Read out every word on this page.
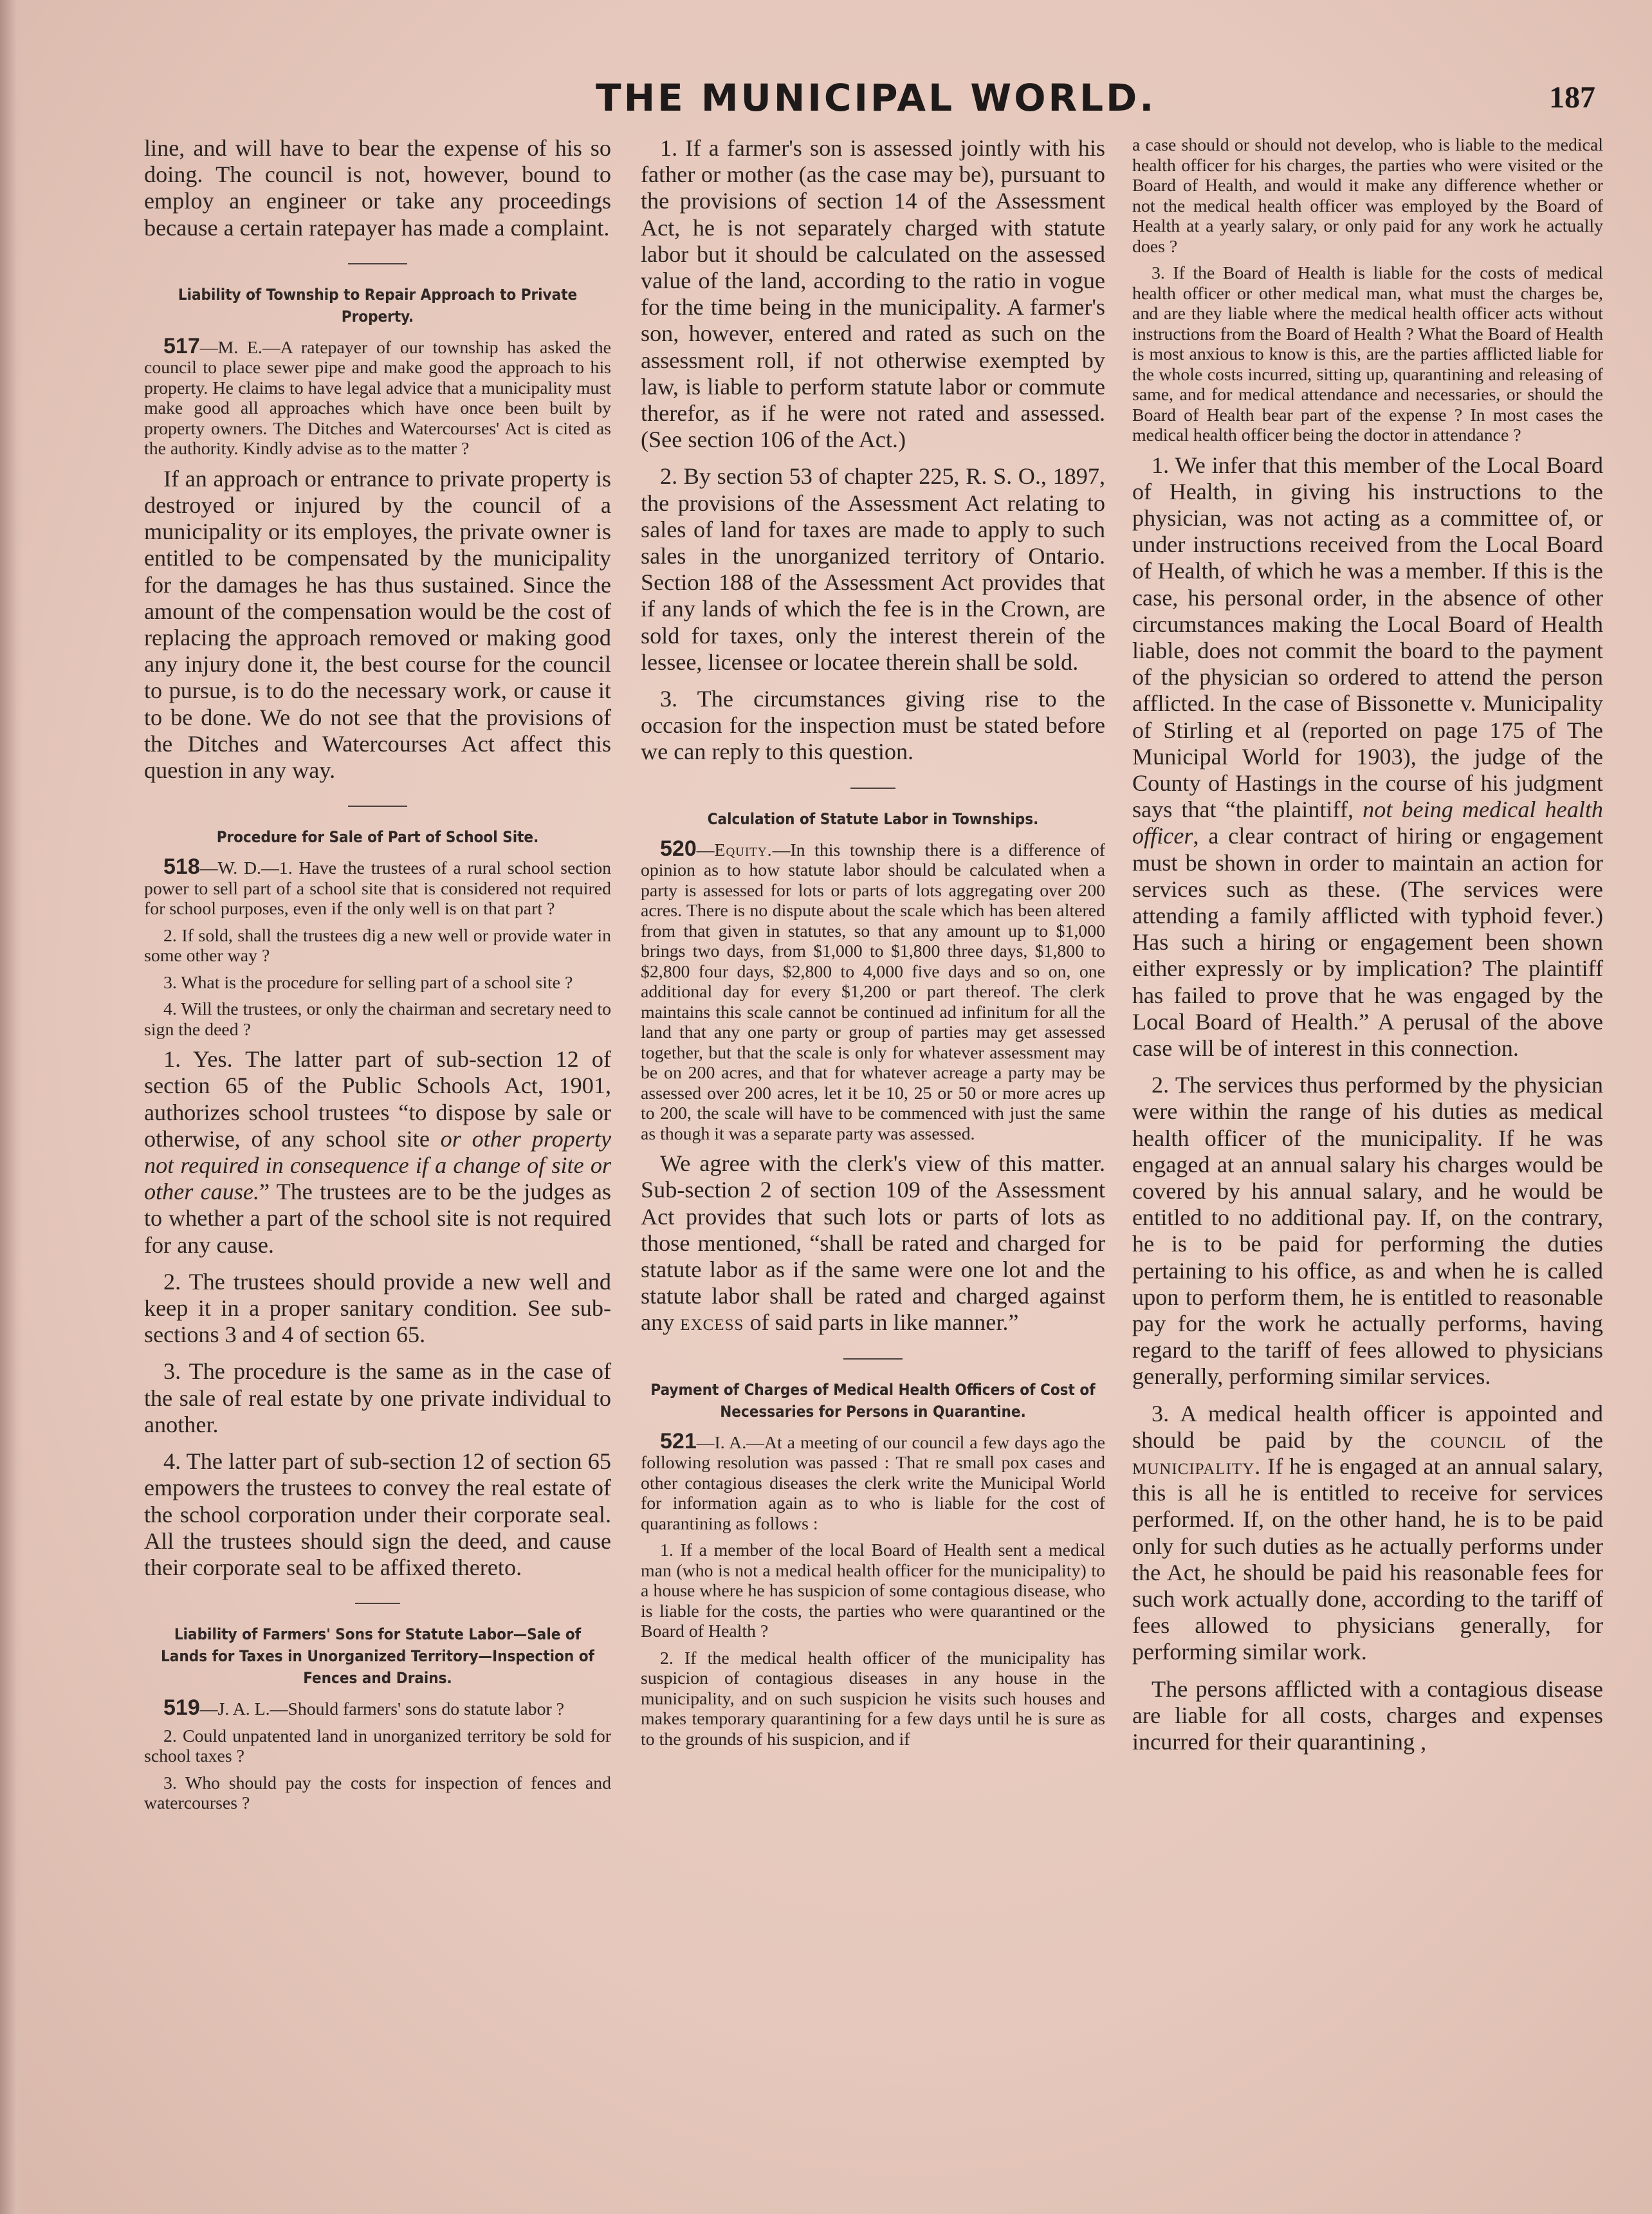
THE MUNICIPAL WORLD.	187

line, and will have to bear the expense of his so doing. The council is not, however, bound to employ an engineer or take any proceedings because a certain ratepayer has made a complaint.

Liability of Township to Repair Approach to Private Property.

517—M. E.—A ratepayer of our township has asked the council to place sewer pipe and make good the approach to his property. He claims to have legal advice that a municipality must make good all approaches which have once been built by property owners. The Ditches and Watercourses' Act is cited as the authority. Kindly advise as to the matter ?

If an approach or entrance to private property is destroyed or injured by the council of a municipality or its employes, the private owner is entitled to be compensated by the municipality for the damages he has thus sustained. Since the amount of the compensation would be the cost of replacing the approach removed or making good any injury done it, the best course for the council to pursue, is to do the necessary work, or cause it to be done. We do not see that the provisions of the Ditches and Watercourses Act affect this question in any way.

Procedure for Sale of Part of School Site.

518—W. D.—1. Have the trustees of a rural school section power to sell part of a school site that is considered not required for school purposes, even if the only well is on that part ?

2. If sold, shall the trustees dig a new well or provide water in some other way ?

3. What is the procedure for selling part of a school site ?

4. Will the trustees, or only the chairman and secretary need to sign the deed ?

1. Yes. The latter part of sub-section 12 of section 65 of the Public Schools Act, 1901, authorizes school trustees “to dispose by sale or otherwise, of any school site or other property not required in consequence if a change of site or other cause.” The trustees are to be the judges as to whether a part of the school site is not required for any cause.

2. The trustees should provide a new well and keep it in a proper sanitary condition. See sub-sections 3 and 4 of section 65.

3. The procedure is the same as in the case of the sale of real estate by one private individual to another.

4. The latter part of sub-section 12 of section 65 empowers the trustees to convey the real estate of the school corporation under their corporate seal. All the trustees should sign the deed, and cause their corporate seal to be affixed thereto.

Liability of Farmers' Sons for Statute Labor—Sale of Lands for Taxes in Unorganized Territory—Inspection of Fences and Drains.

519—J. A. L.—Should farmers' sons do statute labor ?

2. Could unpatented land in unorganized territory be sold for school taxes ?

3. Who should pay the costs for inspection of fences and watercourses ?

1. If a farmer's son is assessed jointly with his father or mother (as the case may be), pursuant to the provisions of section 14 of the Assessment Act, he is not separately charged with statute labor but it should be calculated on the assessed value of the land, according to the ratio in vogue for the time being in the municipality. A farmer's son, however, entered and rated as such on the assessment roll, if not otherwise exempted by law, is liable to perform statute labor or commute therefor, as if he were not rated and assessed. (See section 106 of the Act.)

2. By section 53 of chapter 225, R. S. O., 1897, the provisions of the Assessment Act relating to sales of land for taxes are made to apply to such sales in the unorganized territory of Ontario. Section 188 of the Assessment Act provides that if any lands of which the fee is in the Crown, are sold for taxes, only the interest therein of the lessee, licensee or locatee therein shall be sold.

3. The circumstances giving rise to the occasion for the inspection must be stated before we can reply to this question.

Calculation of Statute Labor in Townships.

520—Equity.—In this township there is a difference of opinion as to how statute labor should be calculated when a party is assessed for lots or parts of lots aggregating over 200 acres. There is no dispute about the scale which has been altered from that given in statutes, so that any amount up to $1,000 brings two days, from $1,000 to $1,800 three days, $1,800 to $2,800 four days, $2,800 to 4,000 five days and so on, one additional day for every $1,200 or part thereof. The clerk maintains this scale cannot be continued ad infinitum for all the land that any one party or group of parties may get assessed together, but that the scale is only for whatever assessment may be on 200 acres, and that for whatever acreage a party may be assessed over 200 acres, let it be 10, 25 or 50 or more acres up to 200, the scale will have to be commenced with just the same as though it was a separate party was assessed.

We agree with the clerk's view of this matter. Sub-section 2 of section 109 of the Assessment Act provides that such lots or parts of lots as those mentioned, “shall be rated and charged for statute labor as if the same were one lot and the statute labor shall be rated and charged against any excess of said parts in like manner.”

Payment of Charges of Medical Health Officers of Cost of Necessaries for Persons in Quarantine.

521—I. A.—At a meeting of our council a few days ago the following resolution was passed : That re small pox cases and other contagious diseases the clerk write the Municipal World for information again as to who is liable for the cost of quarantining as follows :

1. If a member of the local Board of Health sent a medical man (who is not a medical health officer for the municipality) to a house where he has suspicion of some contagious disease, who is liable for the costs, the parties who were quarantined or the Board of Health ?

2. If the medical health officer of the municipality has suspicion of contagious diseases in any house in the municipality, and on such suspicion he visits such houses and makes temporary quarantining for a few days until he is sure as to the grounds of his suspicion, and if

a case should or should not develop, who is liable to the medical health officer for his charges, the parties who were visited or the Board of Health, and would it make any difference whether or not the medical health officer was employed by the Board of Health at a yearly salary, or only paid for any work he actually does ?

3. If the Board of Health is liable for the costs of medical health officer or other medical man, what must the charges be, and are they liable where the medical health officer acts without instructions from the Board of Health ? What the Board of Health is most anxious to know is this, are the parties afflicted liable for the whole costs incurred, sitting up, quarantining and releasing of same, and for medical attendance and necessaries, or should the Board of Health bear part of the expense ? In most cases the medical health officer being the doctor in attendance ?

1. We infer that this member of the Local Board of Health, in giving his instructions to the physician, was not acting as a committee of, or under instructions received from the Local Board of Health, of which he was a member. If this is the case, his personal order, in the absence of other circumstances making the Local Board of Health liable, does not commit the board to the payment of the physician so ordered to attend the person afflicted. In the case of Bissonette v. Municipality of Stirling et al (reported on page 175 of The Municipal World for 1903), the judge of the County of Hastings in the course of his judgment says that “the plaintiff, not being medical health officer, a clear contract of hiring or engagement must be shown in order to maintain an action for services such as these. (The services were attending a family afflicted with typhoid fever.) Has such a hiring or engagement been shown either expressly or by implication? The plaintiff has failed to prove that he was engaged by the Local Board of Health.” A perusal of the above case will be of interest in this connection.

2. The services thus performed by the physician were within the range of his duties as medical health officer of the municipality. If he was engaged at an annual salary his charges would be covered by his annual salary, and he would be entitled to no additional pay. If, on the contrary, he is to be paid for performing the duties pertaining to his office, as and when he is called upon to perform them, he is entitled to reasonable pay for the work he actually performs, having regard to the tariff of fees allowed to physicians generally, performing similar services.

3. A medical health officer is appointed and should be paid by the council of the municipality. If he is engaged at an annual salary, this is all he is entitled to receive for services performed. If, on the other hand, he is to be paid only for such duties as he actually performs under the Act, he should be paid his reasonable fees for such work actually done, according to the tariff of fees allowed to physicians generally, for performing similar work.

The persons afflicted with a contagious disease are liable for all costs, charges and expenses incurred for their quarantining ,
